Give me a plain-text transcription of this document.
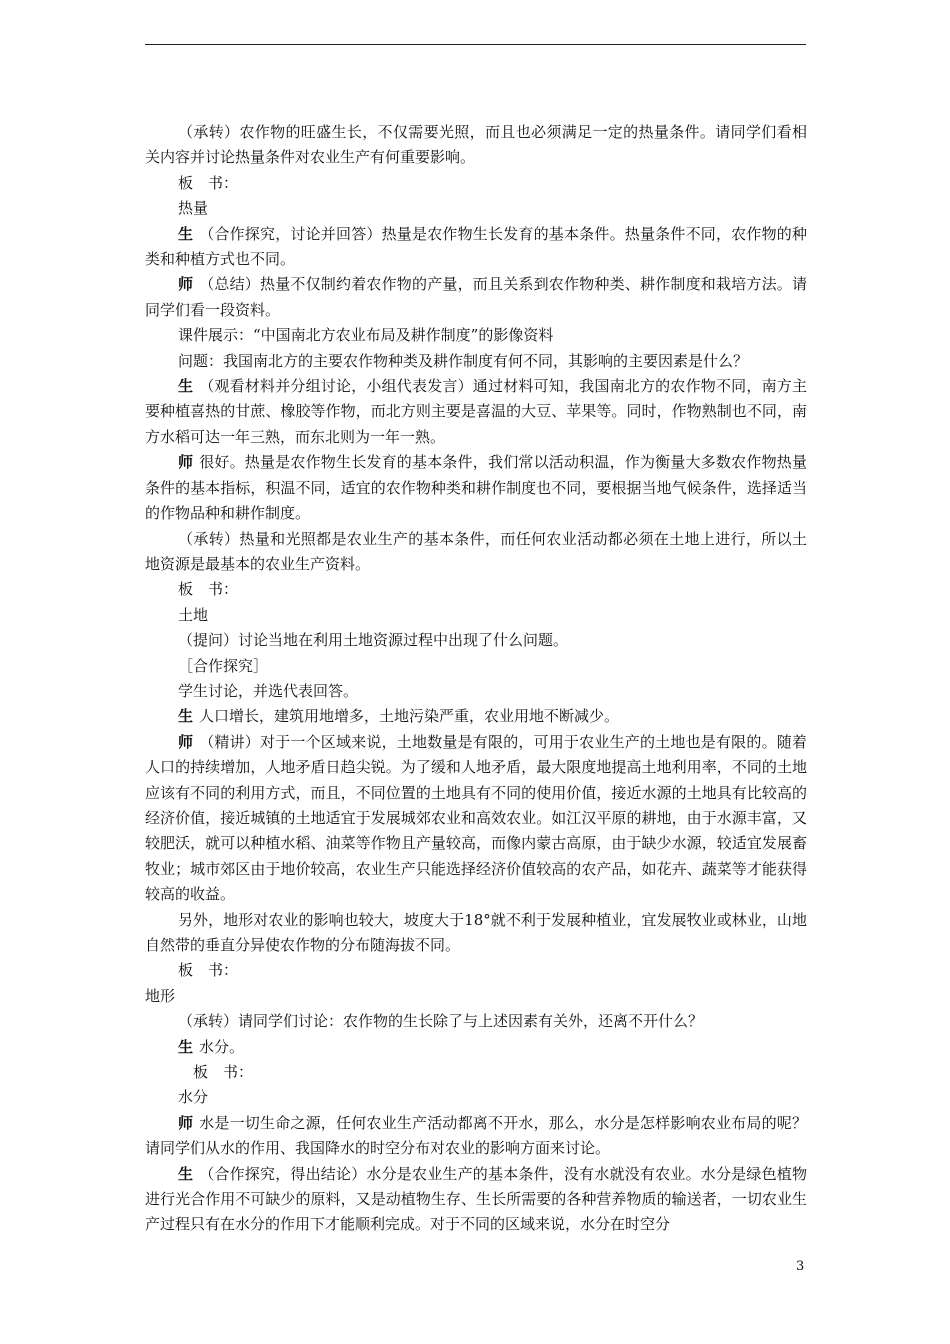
（承转）农作物的旺盛生长，不仅需要光照，而且也必须满足一定的热量条件。请同学们看相关内容并讨论热量条件对农业生产有何重要影响。

板　书：

热量

生 （合作探究，讨论并回答）热量是农作物生长发育的基本条件。热量条件不同，农作物的种类和种植方式也不同。

师 （总结）热量不仅制约着农作物的产量，而且关系到农作物种类、耕作制度和栽培方法。请同学们看一段资料。

课件展示：“中国南北方农业布局及耕作制度”的影像资料

问题：我国南北方的主要农作物种类及耕作制度有何不同，其影响的主要因素是什么？

生 （观看材料并分组讨论，小组代表发言）通过材料可知，我国南北方的农作物不同，南方主要种植喜热的甘蔗、橡胶等作物，而北方则主要是喜温的大豆、苹果等。同时，作物熟制也不同，南方水稻可达一年三熟，而东北则为一年一熟。

师 很好。热量是农作物生长发育的基本条件，我们常以活动积温，作为衡量大多数农作物热量条件的基本指标，积温不同，适宜的农作物种类和耕作制度也不同，要根据当地气候条件，选择适当的作物品种和耕作制度。

（承转）热量和光照都是农业生产的基本条件，而任何农业活动都必须在土地上进行，所以土地资源是最基本的农业生产资料。

板　书：

土地

（提问）讨论当地在利用土地资源过程中出现了什么问题。

［合作探究］

学生讨论，并选代表回答。

生 人口增长，建筑用地增多，土地污染严重，农业用地不断减少。

师 （精讲）对于一个区域来说，土地数量是有限的，可用于农业生产的土地也是有限的。随着人口的持续增加，人地矛盾日趋尖锐。为了缓和人地矛盾，最大限度地提高土地利用率，不同的土地应该有不同的利用方式，而且，不同位置的土地具有不同的使用价值，接近水源的土地具有比较高的经济价值，接近城镇的土地适宜于发展城郊农业和高效农业。如江汉平原的耕地，由于水源丰富，又较肥沃，就可以种植水稻、油菜等作物且产量较高，而像内蒙古高原，由于缺少水源，较适宜发展畜牧业；城市郊区由于地价较高，农业生产只能选择经济价值较高的农产品，如花卉、蔬菜等才能获得较高的收益。

另外，地形对农业的影响也较大，坡度大于18°就不利于发展种植业，宜发展牧业或林业，山地自然带的垂直分异使农作物的分布随海拔不同。

板　书：

地形

（承转）请同学们讨论：农作物的生长除了与上述因素有关外，还离不开什么？

生 水分。

板　书：

水分

师 水是一切生命之源，任何农业生产活动都离不开水，那么，水分是怎样影响农业布局的呢？请同学们从水的作用、我国降水的时空分布对农业的影响方面来讨论。

生 （合作探究，得出结论）水分是农业生产的基本条件，没有水就没有农业。水分是绿色植物进行光合作用不可缺少的原料，又是动植物生存、生长所需要的各种营养物质的输送者，一切农业生产过程只有在水分的作用下才能顺利完成。对于不同的区域来说，水分在时空分

3
